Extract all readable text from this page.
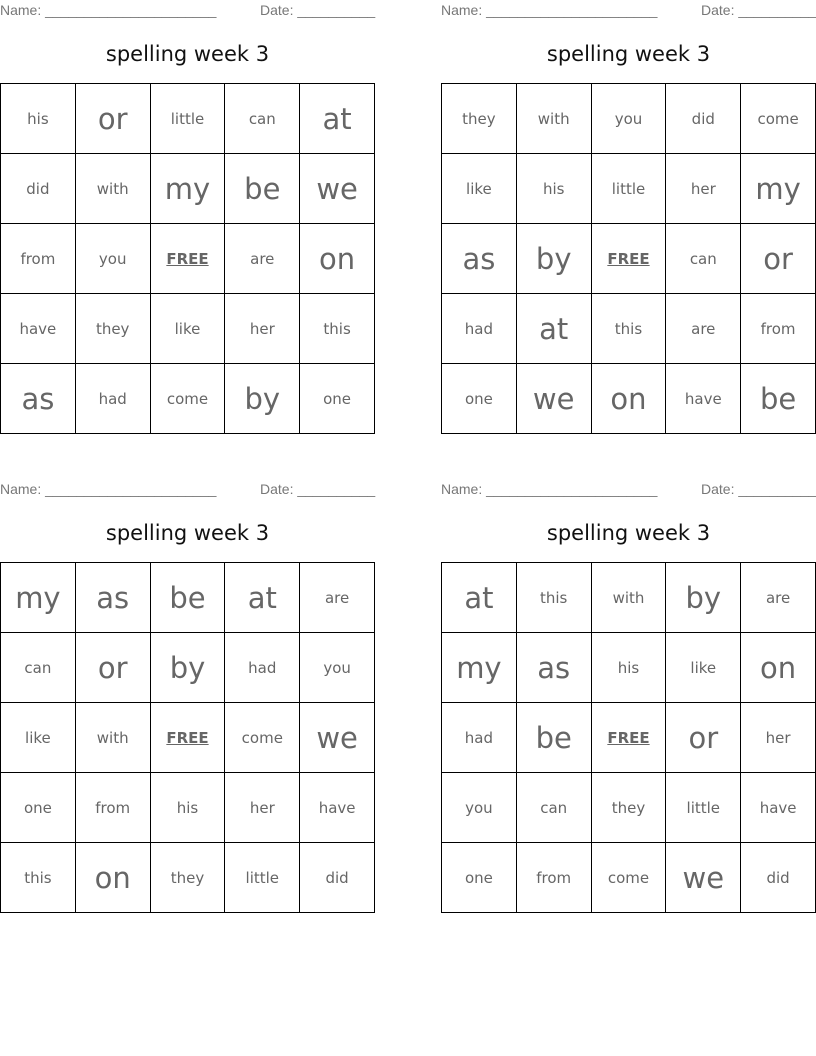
Name: ______________________	Date: __________
spelling week 3
his	or	little	can	at
did	with	my	be	we
from	you	FREE	are	on
have	they	like	her	this
as	had	come	by	one
Name: ______________________	Date: __________
spelling week 3
they	with	you	did	come
like	his	little	her	my
as	by	FREE	can	or
had	at	this	are	from
one	we	on	have	be
Name: ______________________	Date: __________
spelling week 3
my	as	be	at	are
can	or	by	had	you
like	with	FREE	come	we
one	from	his	her	have
this	on	they	little	did
Name: ______________________	Date: __________
spelling week 3
at	this	with	by	are
my	as	his	like	on
had	be	FREE	or	her
you	can	they	little	have
one	from	come	we	did
